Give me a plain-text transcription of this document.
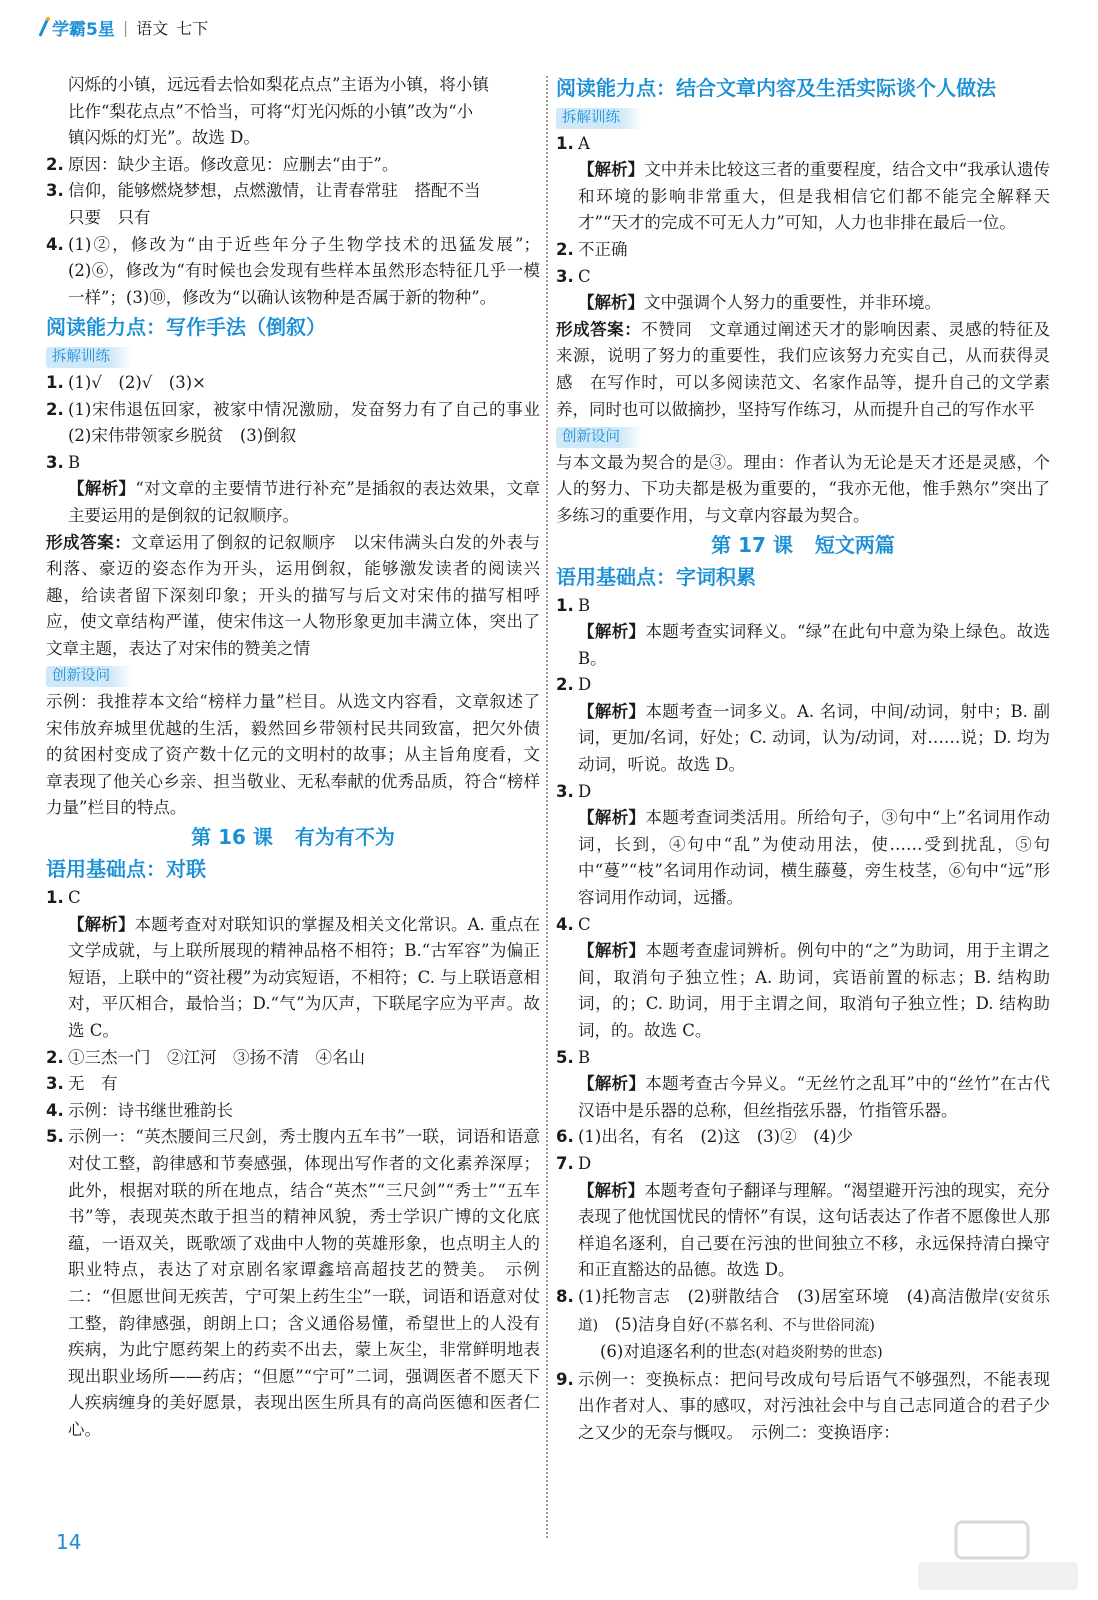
学霸5星 | 语文 七下

闪烁的小镇，远远看去恰如梨花点点”主语为小镇，将小镇

比作“梨花点点”不恰当，可将“灯光闪烁的小镇”改为“小

镇闪烁的灯光”。故选 D。

2. 原因：缺少主语。修改意见：应删去“由于”。
3. 信仰，能够燃烧梦想，点燃激情，让青春常驻　搭配不当

只要　只有

4. (1)②，修改为“由于近些年分子生物学技术的迅猛发展”；(2)⑥，修改为“有时候也会发现有些样本虽然形态特征几乎一模一样”；(3)⑩，修改为“以确认该物种是否属于新的物种”。
阅读能力点：写作手法（倒叙）
拆解训练
1. (1)√　(2)√　(3)×
2. (1)宋伟退伍回家，被家中情况激励，发奋努力有了自己的事业　(2)宋伟带领家乡脱贫　(3)倒叙
3. B

【解析】“对文章的主要情节进行补充”是插叙的表达效果，文章主要运用的是倒叙的记叙顺序。

形成答案：文章运用了倒叙的记叙顺序　以宋伟满头白发的外表与利落、豪迈的姿态作为开头，运用倒叙，能够激发读者的阅读兴趣，给读者留下深刻印象；开头的描写与后文对宋伟的描写相呼应，使文章结构严谨，使宋伟这一人物形象更加丰满立体，突出了文章主题，表达了对宋伟的赞美之情

创新设问

示例：我推荐本文给“榜样力量”栏目。从选文内容看，文章叙述了宋伟放弃城里优越的生活，毅然回乡带领村民共同致富，把欠外债的贫困村变成了资产数十亿元的文明村的故事；从主旨角度看，文章表现了他关心乡亲、担当敬业、无私奉献的优秀品质，符合“榜样力量”栏目的特点。

第 16 课 有为有不为
语用基础点：对联
1. C

【解析】本题考查对对联知识的掌握及相关文化常识。A. 重点在文学成就，与上联所展现的精神品格不相符；B.“古军容”为偏正短语，上联中的“资社稷”为动宾短语，不相符；C. 与上联语意相对，平仄相合，最恰当；D.“气”为仄声，下联尾字应为平声。故选 C。

2. ①三杰一门　②江河　③扬不清　④名山
3. 无　有
4. 示例：诗书继世雅韵长
5. 示例一：“英杰腰间三尺剑，秀士腹内五车书”一联，词语和语意对仗工整，韵律感和节奏感强，体现出写作者的文化素养深厚；此外，根据对联的所在地点，结合“英杰”“三尺剑”“秀士”“五车书”等，表现英杰敢于担当的精神风貌，秀士学识广博的文化底蕴，一语双关，既歌颂了戏曲中人物的英雄形象，也点明主人的职业特点，表达了对京剧名家谭鑫培高超技艺的赞美。　示例二：“但愿世间无疾苦，宁可架上药生尘”一联，词语和语意对仗工整，韵律感强，朗朗上口；含义通俗易懂，希望世上的人没有疾病，为此宁愿药架上的药卖不出去，蒙上灰尘，非常鲜明地表现出职业场所——药店；“但愿”“宁可”二词，强调医者不愿天下人疾病缠身的美好愿景，表现出医生所具有的高尚医德和医者仁心。
阅读能力点：结合文章内容及生活实际谈个人做法
拆解训练
1. A

【解析】文中并未比较这三者的重要程度，结合文中“我承认遗传和环境的影响非常重大，但是我相信它们都不能完全解释天才”“天才的完成不可无人力”可知，人力也非排在最后一位。

2. 不正确
3. C

【解析】文中强调个人努力的重要性，并非环境。

形成答案：不赞同　文章通过阐述天才的影响因素、灵感的特征及来源，说明了努力的重要性，我们应该努力充实自己，从而获得灵感　在写作时，可以多阅读范文、名家作品等，提升自己的文学素养，同时也可以做摘抄，坚持写作练习，从而提升自己的写作水平

创新设问

与本文最为契合的是③。理由：作者认为无论是天才还是灵感，个人的努力、下功夫都是极为重要的，“我亦无他，惟手熟尔”突出了多练习的重要作用，与文章内容最为契合。

第 17 课 短文两篇
语用基础点：字词积累
1. B

【解析】本题考查实词释义。“绿”在此句中意为染上绿色。故选 B。

2. D

【解析】本题考查一词多义。A. 名词，中间/动词，射中；B. 副词，更加/名词，好处；C. 动词，认为/动词，对……说；D. 均为动词，听说。故选 D。

3. D

【解析】本题考查词类活用。所给句子，③句中“上”名词用作动词，长到，④句中“乱”为使动用法，使……受到扰乱，⑤句中“蔓”“枝”名词用作动词，横生藤蔓，旁生枝茎，⑥句中“远”形容词用作动词，远播。

4. C

【解析】本题考查虚词辨析。例句中的“之”为助词，用于主谓之间，取消句子独立性；A. 助词，宾语前置的标志；B. 结构助词，的；C. 助词，用于主谓之间，取消句子独立性；D. 结构助词，的。故选 C。

5. B

【解析】本题考查古今异义。“无丝竹之乱耳”中的“丝竹”在古代汉语中是乐器的总称，但丝指弦乐器，竹指管乐器。

6. (1)出名，有名　(2)这　(3)②　(4)少
7. D

【解析】本题考查句子翻译与理解。“渴望避开污浊的现实，充分表现了他忧国忧民的情怀”有误，这句话表达了作者不愿像世人那样追名逐利，自己要在污浊的世间独立不移，永远保持清白操守和正直豁达的品德。故选 D。

8. (1)托物言志　(2)骈散结合　(3)居室环境　(4)高洁傲岸(安贫乐道)　 (5)洁身自好(不慕名利、不与世俗同流)
(6)对追逐名利的世态(对趋炎附势的世态)
9. 示例一：变换标点：把问号改成句号后语气不够强烈，不能表现出作者对人、事的感叹，对污浊社会中与自己志同道合的君子少之又少的无奈与慨叹。　示例二：变换语序：
14
